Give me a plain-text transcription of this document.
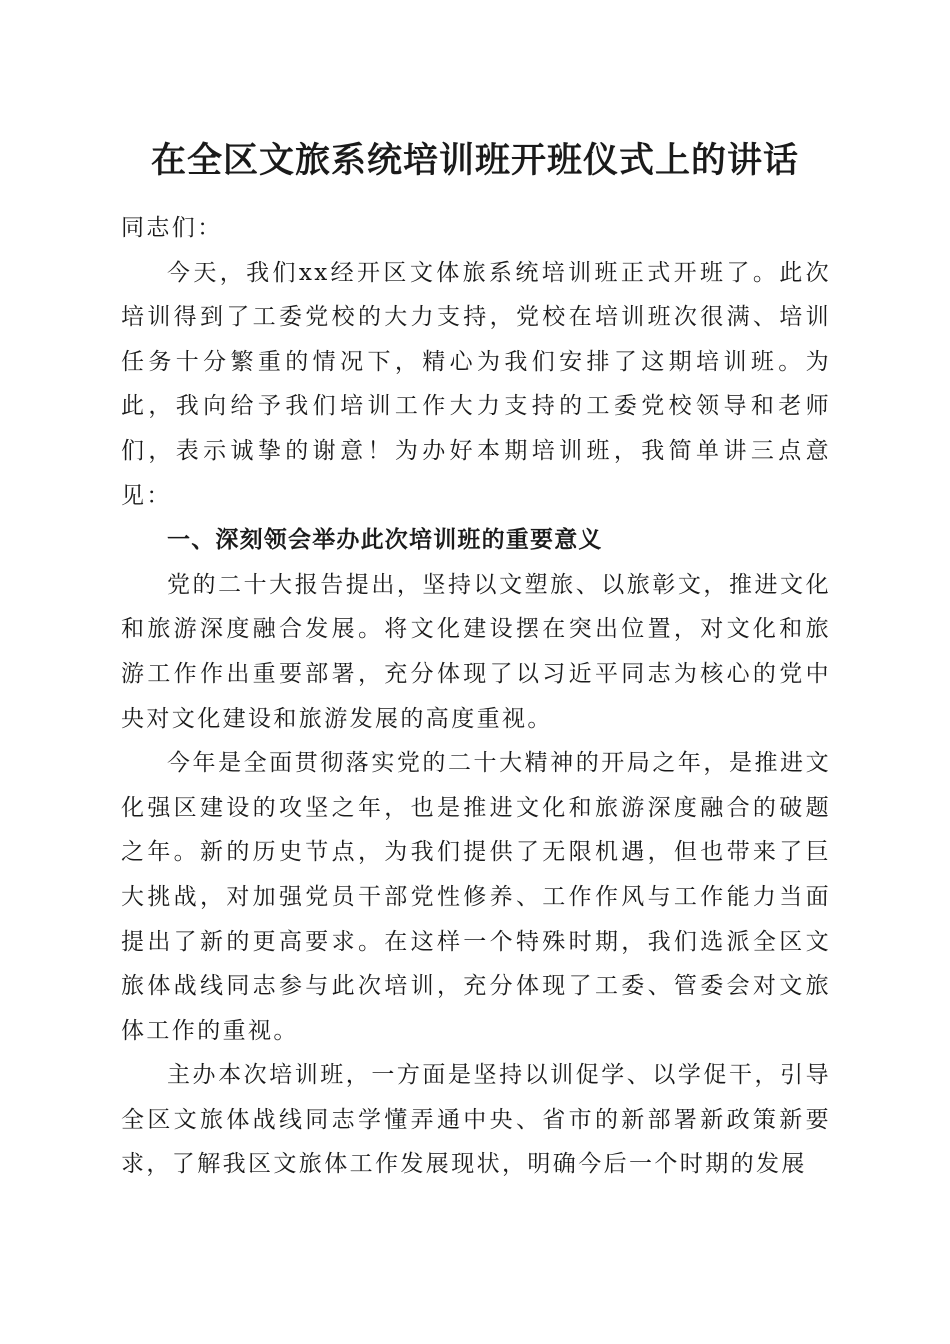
在全区文旅系统培训班开班仪式上的讲话

同志们：

今天，我们xx经开区文体旅系统培训班正式开班了。此次培训得到了工委党校的大力支持，党校在培训班次很满、培训任务十分繁重的情况下，精心为我们安排了这期培训班。为此，我向给予我们培训工作大力支持的工委党校领导和老师们，表示诚挚的谢意！为办好本期培训班，我简单讲三点意见：

一、深刻领会举办此次培训班的重要意义

党的二十大报告提出，坚持以文塑旅、以旅彰文，推进文化和旅游深度融合发展。将文化建设摆在突出位置，对文化和旅游工作作出重要部署，充分体现了以习近平同志为核心的党中央对文化建设和旅游发展的高度重视。

今年是全面贯彻落实党的二十大精神的开局之年，是推进文化强区建设的攻坚之年，也是推进文化和旅游深度融合的破题之年。新的历史节点，为我们提供了无限机遇，但也带来了巨大挑战，对加强党员干部党性修养、工作作风与工作能力当面提出了新的更高要求。在这样一个特殊时期，我们选派全区文旅体战线同志参与此次培训，充分体现了工委、管委会对文旅体工作的重视。

主办本次培训班，一方面是坚持以训促学、以学促干，引导全区文旅体战线同志学懂弄通中央、省市的新部署新政策新要求，了解我区文旅体工作发展现状，明确今后一个时期的发展
